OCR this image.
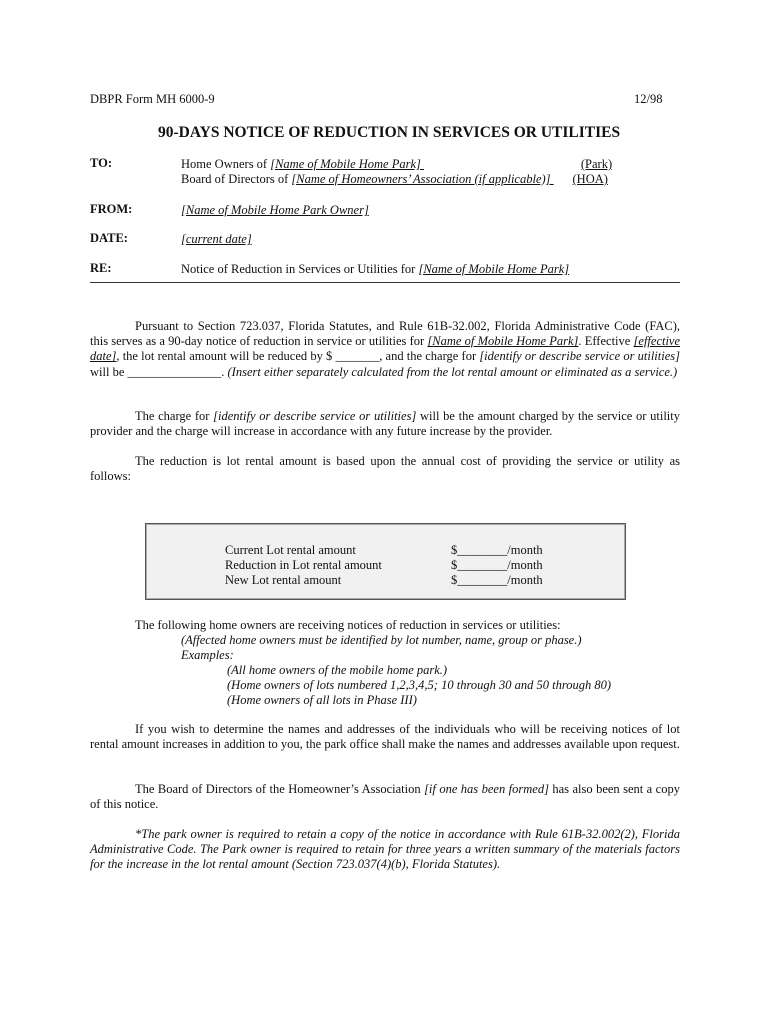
DBPR Form MH 6000-9	12/98
90-DAYS NOTICE OF REDUCTION IN SERVICES OR UTILITIES
TO:	Home Owners of [Name of Mobile Home Park]	(Park)
Board of Directors of [Name of Homeowners’ Association (if applicable)] (HOA)
FROM:	[Name of Mobile Home Park Owner]
DATE:	[current date]
RE:	Notice of Reduction in Services or Utilities for [Name of Mobile Home Park]
Pursuant to Section 723.037, Florida Statutes, and Rule 61B-32.002, Florida Administrative Code (FAC), this serves as a 90-day notice of reduction in service or utilities for [Name of Mobile Home Park]. Effective [effective date], the lot rental amount will be reduced by $ _______, and the charge for [identify or describe service or utilities] will be _______________. (Insert either separately calculated from the lot rental amount or eliminated as a service.)
The charge for [identify or describe service or utilities] will be the amount charged by the service or utility provider and the charge will increase in accordance with any future increase by the provider.
The reduction is lot rental amount is based upon the annual cost of providing the service or utility as follows:
Current Lot rental amount	$________/month
Reduction in Lot rental amount	$________/month
New Lot rental amount	$________/month
The following home owners are receiving notices of reduction in services or utilities:
(Affected home owners must be identified by lot number, name, group or phase.)
Examples:
(All home owners of the mobile home park.)
(Home owners of lots numbered 1,2,3,4,5; 10 through 30 and 50 through 80)
(Home owners of all lots in Phase III)
If you wish to determine the names and addresses of the individuals who will be receiving notices of lot rental amount increases in addition to you, the park office shall make the names and addresses available upon request.
The Board of Directors of the Homeowner’s Association [if one has been formed] has also been sent a copy of this notice.
*The park owner is required to retain a copy of the notice in accordance with Rule 61B-32.002(2), Florida Administrative Code. The Park owner is required to retain for three years a written summary of the materials factors for the increase in the lot rental amount (Section 723.037(4)(b), Florida Statutes).
